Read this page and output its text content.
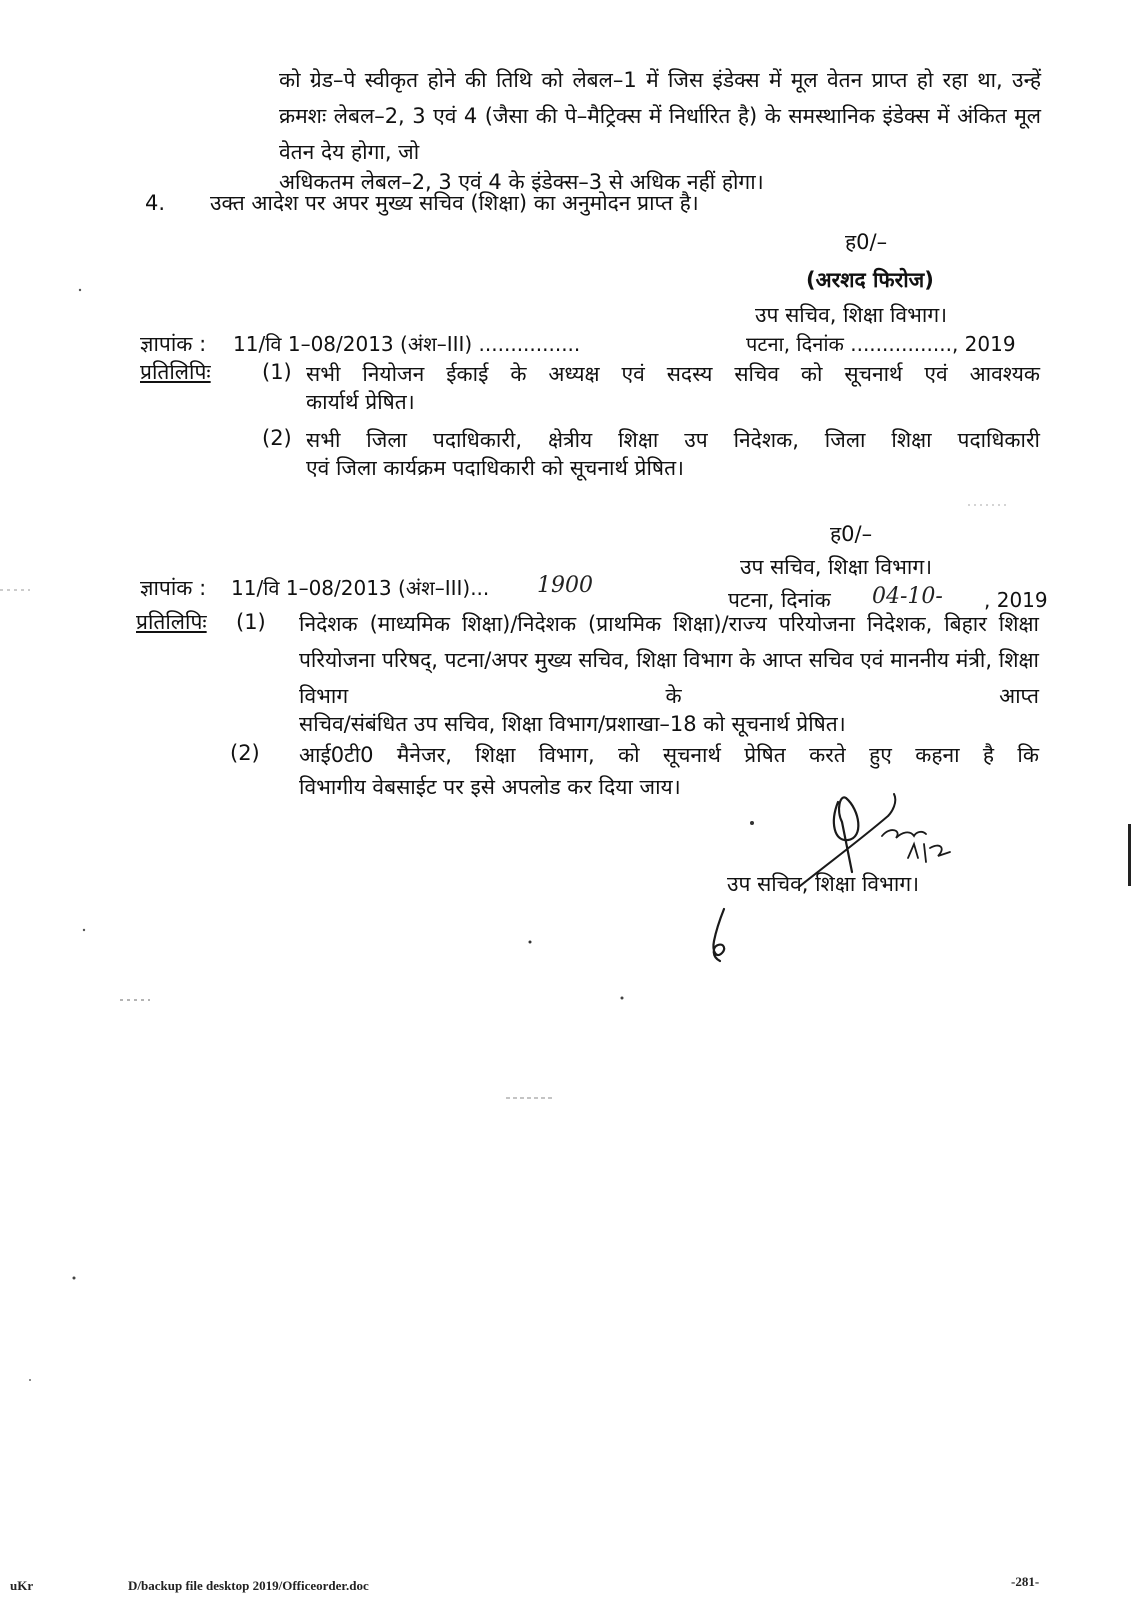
को ग्रेड–पे स्वीकृत होने की तिथि को लेबल–1 में जिस इंडेक्स में मूल वेतन प्राप्त हो रहा था, उन्हें क्रमशः लेबल–2, 3 एवं 4 (जैसा की पे–मैट्रिक्स में निर्धारित है) के समस्थानिक इंडेक्स में अंकित मूल वेतन देय होगा, जो
अधिकतम लेबल–2, 3 एवं 4 के इंडेक्स–3 से अधिक नहीं होगा।
4. उक्त आदेश पर अपर मुख्य सचिव (शिक्षा) का अनुमोदन प्राप्त है।
ह0/–
(अरशद फिरोज)
उप सचिव, शिक्षा विभाग।
ज्ञापांक : 11/वि 1–08/2013 (अंश–III) ................	पटना, दिनांक ................, 2019
प्रतिलिपिः (1) सभी नियोजन ईकाई के अध्यक्ष एवं सदस्य सचिव को सूचनार्थ एवं आवश्यक
कार्यार्थ प्रेषित।
(2) सभी जिला पदाधिकारी, क्षेत्रीय शिक्षा उप निदेशक, जिला शिक्षा पदाधिकारी
एवं जिला कार्यक्रम पदाधिकारी को सूचनार्थ प्रेषित।
ह0/–
उप सचिव, शिक्षा विभाग।
ज्ञापांक : 11/वि 1–08/2013 (अंश–III)... 1900
पटना, दिनांक 04-10- , 2019
प्रतिलिपिः (1) निदेशक (माध्यमिक शिक्षा)/निदेशक (प्राथमिक शिक्षा)/राज्य परियोजना निदेशक, बिहार शिक्षा परियोजना परिषद्, पटना/अपर मुख्य सचिव, शिक्षा विभाग के आप्त सचिव एवं माननीय मंत्री, शिक्षा विभाग के आप्त
सचिव/संबंधित उप सचिव, शिक्षा विभाग/प्रशाखा–18 को सूचनार्थ प्रेषित।
(2) आई0टी0 मैनेजर, शिक्षा विभाग, को सूचनार्थ प्रेषित करते हुए कहना है कि
विभागीय वेबसाईट पर इसे अपलोड कर दिया जाय।
उप सचिव, शिक्षा विभाग।
uKr	D/backup file desktop 2019/Officeorder.doc	-281-
